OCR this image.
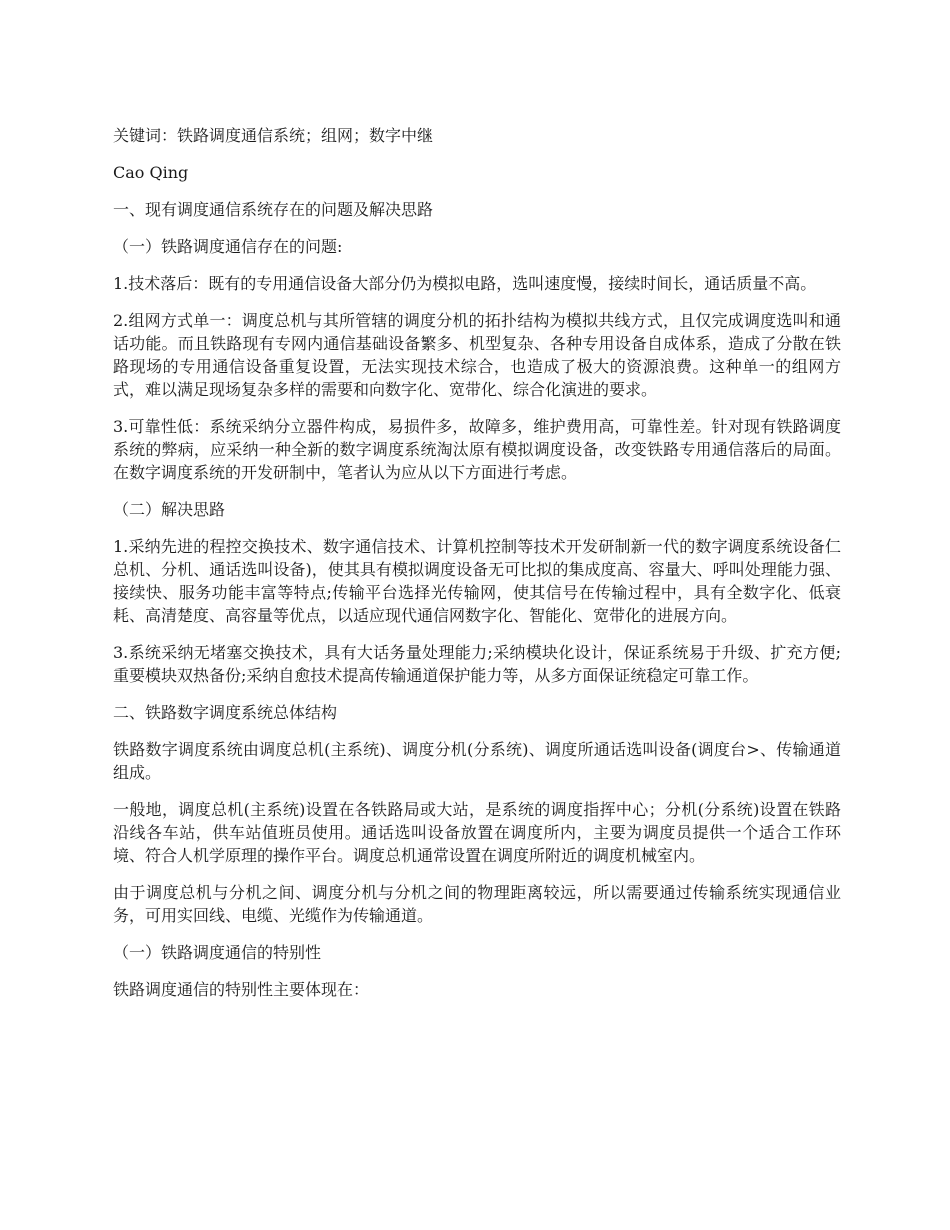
关键词：铁路调度通信系统；组网；数字中继

Cao Qing

一、现有调度通信系统存在的问题及解决思路

（一）铁路调度通信存在的问题:

1.技术落后：既有的专用通信设备大部分仍为模拟电路，选叫速度慢，接续时间长，通话质量不高。

2.组网方式单一：调度总机与其所管辖的调度分机的拓扑结构为模拟共线方式，且仅完成调度选叫和通话功能。而且铁路现有专网内通信基础设备繁多、机型复杂、各种专用设备自成体系，造成了分散在铁路现场的专用通信设备重复设置，无法实现技术综合，也造成了极大的资源浪费。这种单一的组网方式，难以满足现场复杂多样的需要和向数字化、宽带化、综合化演进的要求。

3.可靠性低：系统采纳分立器件构成，易损件多，故障多，维护费用高，可靠性差。针对现有铁路调度系统的弊病，应采纳一种全新的数字调度系统淘汰原有模拟调度设备，改变铁路专用通信落后的局面。在数字调度系统的开发研制中，笔者认为应从以下方面进行考虑。

（二）解决思路

1.采纳先进的程控交换技术、数字通信技术、计算机控制等技术开发研制新一代的数字调度系统设备仁总机、分机、通话选叫设备)，使其具有模拟调度设备无可比拟的集成度高、容量大、呼叫处理能力强、接续快、服务功能丰富等特点;传输平台选择光传输网，使其信号在传输过程中，具有全数字化、低衰耗、高清楚度、高容量等优点，以适应现代通信网数字化、智能化、宽带化的进展方向。

3.系统采纳无堵塞交换技术，具有大话务量处理能力;采纳模块化设计，保证系统易于升级、扩充方便;重要模块双热备份;采纳自愈技术提高传输通道保护能力等，从多方面保证统稳定可靠工作。

二、铁路数字调度系统总体结构

铁路数字调度系统由调度总机(主系统)、调度分机(分系统)、调度所通话选叫设备(调度台>、传输通道组成。

一般地，调度总机(主系统)设置在各铁路局或大站，是系统的调度指挥中心；分机(分系统)设置在铁路沿线各车站，供车站值班员使用。通话选叫设备放置在调度所内，主要为调度员提供一个适合工作环境、符合人机学原理的操作平台。调度总机通常设置在调度所附近的调度机械室内。

由于调度总机与分机之间、调度分机与分机之间的物理距离较远，所以需要通过传输系统实现通信业务，可用实回线、电缆、光缆作为传输通道。

（一）铁路调度通信的特别性

铁路调度通信的特别性主要体现在：
